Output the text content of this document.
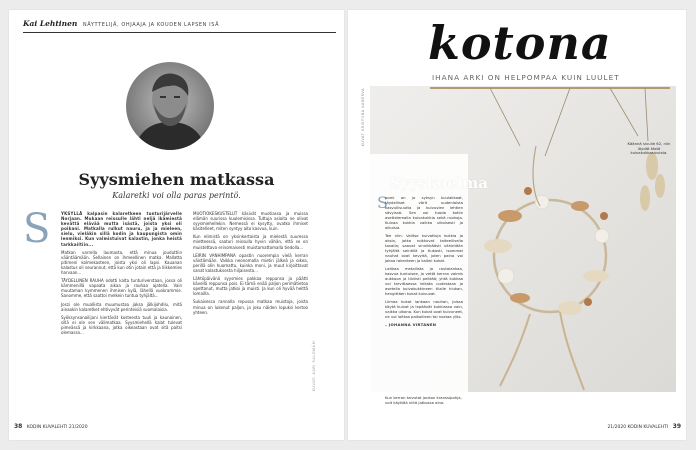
Kai Lehtinen NÄYTTELIJÄ, OHJAAJA JA KOUDEN LAPSEN ISÄ
Syysmiehen matkassa
Kalaretki voi olla paras perintö.
S	YKSYLLÄ kalpasin kalaretkeen tunturijärvelle Norjaan. Mukaan reissulle lähti neljä ikämiestä kevättä elävää mutta isästä, joista yksi oli poikani. Matkalla rulkut nauru, ja ja mieleen, sielu, vieläkin sillä kodin ja kaupungista omin lenmiksi. Kun valmistuivat kalastin, jonka heistä tarkkailtiin...

Matkan varrella laumasta, että minua jouduttiin vääntäämään. Sellainen on ihmeellinen matka. Mallatta pitimeni kolmekasteen, joista yksi oli lapsi. Kauanan kalastus oli seurannut, että kun otin jotain että ja liikkemies harvaan...

TÄYDELLINEN RAUHA odotti kalta tunturiverstaan, jossa oli kämmenillä vapaata aikaa ja rauhaa ajatella. Vain muutaman kymmenen ihmisen kylä, lähellä vuokrammie. Sanomme, että saattoi melkein tuntua tyhjältä...

Joszi ole muallista muumustaa jaksa jälkijohdilu, mitä ainaakin kalaretket ehtivyvät perinteisiä suomalaisia.

Syöksynsanailijani kiertävät kosteesta tuuli ja kaunainen, sillä ei ole sen välimatkaa. Syysmiehellä kalat tulevat pimeässä ja kirkkaana, jotka oikeastaan ovat sitä paitsi olemassa...

MUOTIOKESKUSTELUT käsivät muotiassa ja muissa elämän suurissa kuulemisissa. Tuttuja asioita ne olivat syysmiehellekin. Nemessä ei kysytty, ovatko ihmiset käsitelleet, miten syntyy aito kasvua, kuin.

Kun elimistä on yksinkertaista ja mielestä suuressa mietteessä, saaturi reissulla hyvin vähän, että se on muistettava erinomaisesti muistamattomalla tiedolla...

LEIRIN VANHIMPANA opastin nuorempia vielä kerran väistämään. Vaikka neonomalla mietin jälkeä ja oikea, perillä olin huomattu, kuinka moni, ja muut kirjoittavat sanat kalastuksesta hiljaisesta...

Lähtöpäivänä syysmies pakkaa reppunsa ja päätti kävellä reppunsa pois. Ei tämä enää paljon perimätietoa opettanut, mutta jatkoi ja muisti. Ja kun oli hyvää heittä lomailla.

Sukaisessa rannalla repussa matkaa muistoja, joista minua on lukenut paljon, ja joku näiden lopuksi kertoo yhteen.

KUVAT: KARI SALOMÄKI
38 KODIN KUVALEHTI 21/2020
kotona
IHANA ARKI ON HELPOMPAA KUIN LUULET
KUVAT KRISTIINA KANERVA
Syyskoelma
S

uomi on jo syksyn kuulakkaat, täydelliset värit uudenlaista kasvullisuutta ja kuivuvien lehtien sävyissä. Sen voi tuoda kotiin asettelemalla kuivakukkia sekä ruohoja. Kuivaa kukkia vaikka ulkoisesti ja aikuisia.

Tee niin: Valitse kuivattuja kukkia ja oksia, jotka roikkuvat taiteellisella tavalla; saavat sinnikkäästi vähintään tyhjältä seinällä ja tiukasti, isommat nauhat ovat kevyitä, joten paino voi jakaa rakenteen ja kaikki kukat.

Laitkaa metallista ja rautalankaa, kasvua tuntuisee, ja vettä kerran valmis aukkoon ja tiiviisti peittää; yhtä kukkaa voi tarvittaessa leikata uudestaan ja asetella kuivakukkineen tilalle hiukan, hengittäen kukat kuivuvat.

Liimaa kukat lankaan nauhan, joissa käytä kuivat ja lepäävät kukkiassa vain, vaikka ulkona. Kun kukat ovat kuivuneet, ne voi laittaa paikoilleen tai nostaa ylös.

– JOHANNA VIRTANEN

Kun kerran taivutat joukon kranssipohja, voit käyttää niitä jatkossa aina.
Käännä sivulle 62, niin löydät tästä kuivakukkasivuista.
21/2020 KODIN KUVALEHTI 39
